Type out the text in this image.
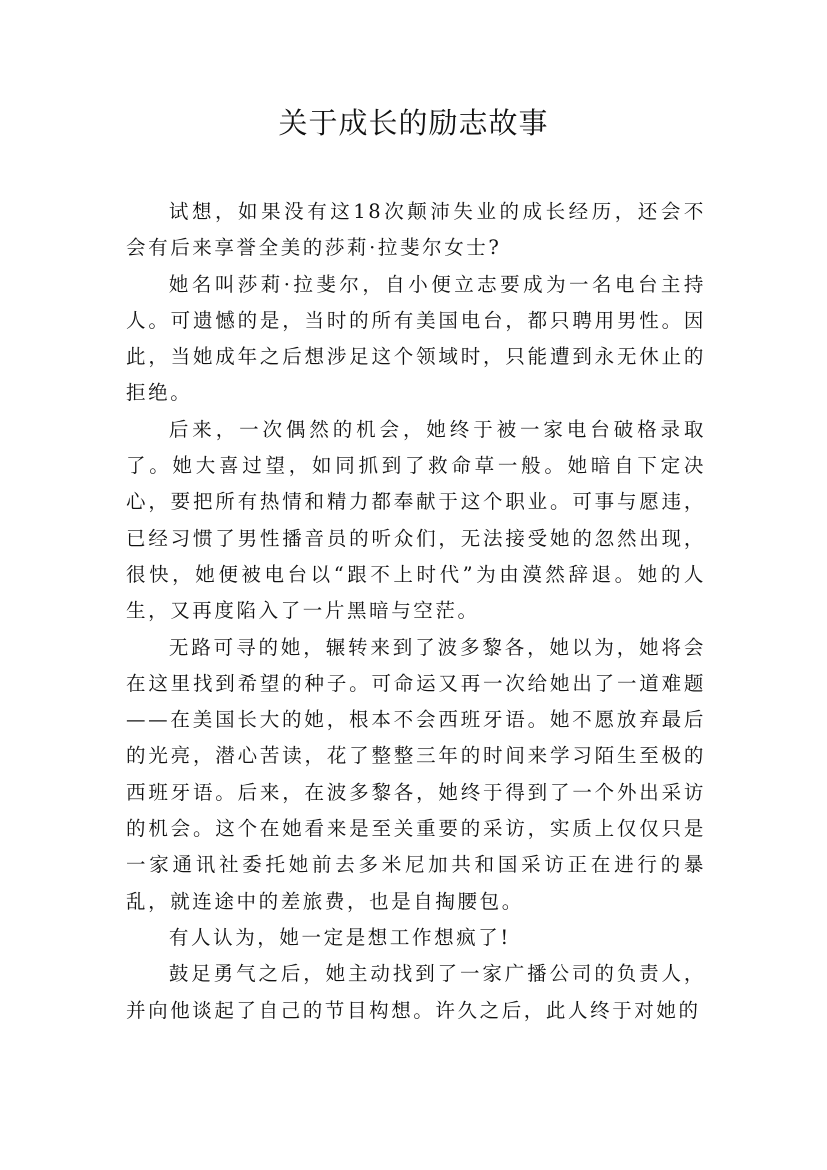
关于成长的励志故事

试想，如果没有这18次颠沛失业的成长经历，还会不会有后来享誉全美的莎莉·拉斐尔女士?

她名叫莎莉·拉斐尔，自小便立志要成为一名电台主持人。可遗憾的是，当时的所有美国电台，都只聘用男性。因此，当她成年之后想涉足这个领域时，只能遭到永无休止的拒绝。

后来，一次偶然的机会，她终于被一家电台破格录取了。她大喜过望，如同抓到了救命草一般。她暗自下定决心，要把所有热情和精力都奉献于这个职业。可事与愿违，已经习惯了男性播音员的听众们，无法接受她的忽然出现，很快，她便被电台以“跟不上时代”为由漠然辞退。她的人生，又再度陷入了一片黑暗与空茫。

无路可寻的她，辗转来到了波多黎各，她以为，她将会在这里找到希望的种子。可命运又再一次给她出了一道难题——在美国长大的她，根本不会西班牙语。她不愿放弃最后的光亮，潜心苦读，花了整整三年的时间来学习陌生至极的西班牙语。后来，在波多黎各，她终于得到了一个外出采访的机会。这个在她看来是至关重要的采访，实质上仅仅只是一家通讯社委托她前去多米尼加共和国采访正在进行的暴乱，就连途中的差旅费，也是自掏腰包。

有人认为，她一定是想工作想疯了!

鼓足勇气之后，她主动找到了一家广播公司的负责人，并向他谈起了自己的节目构想。许久之后，此人终于对她的
